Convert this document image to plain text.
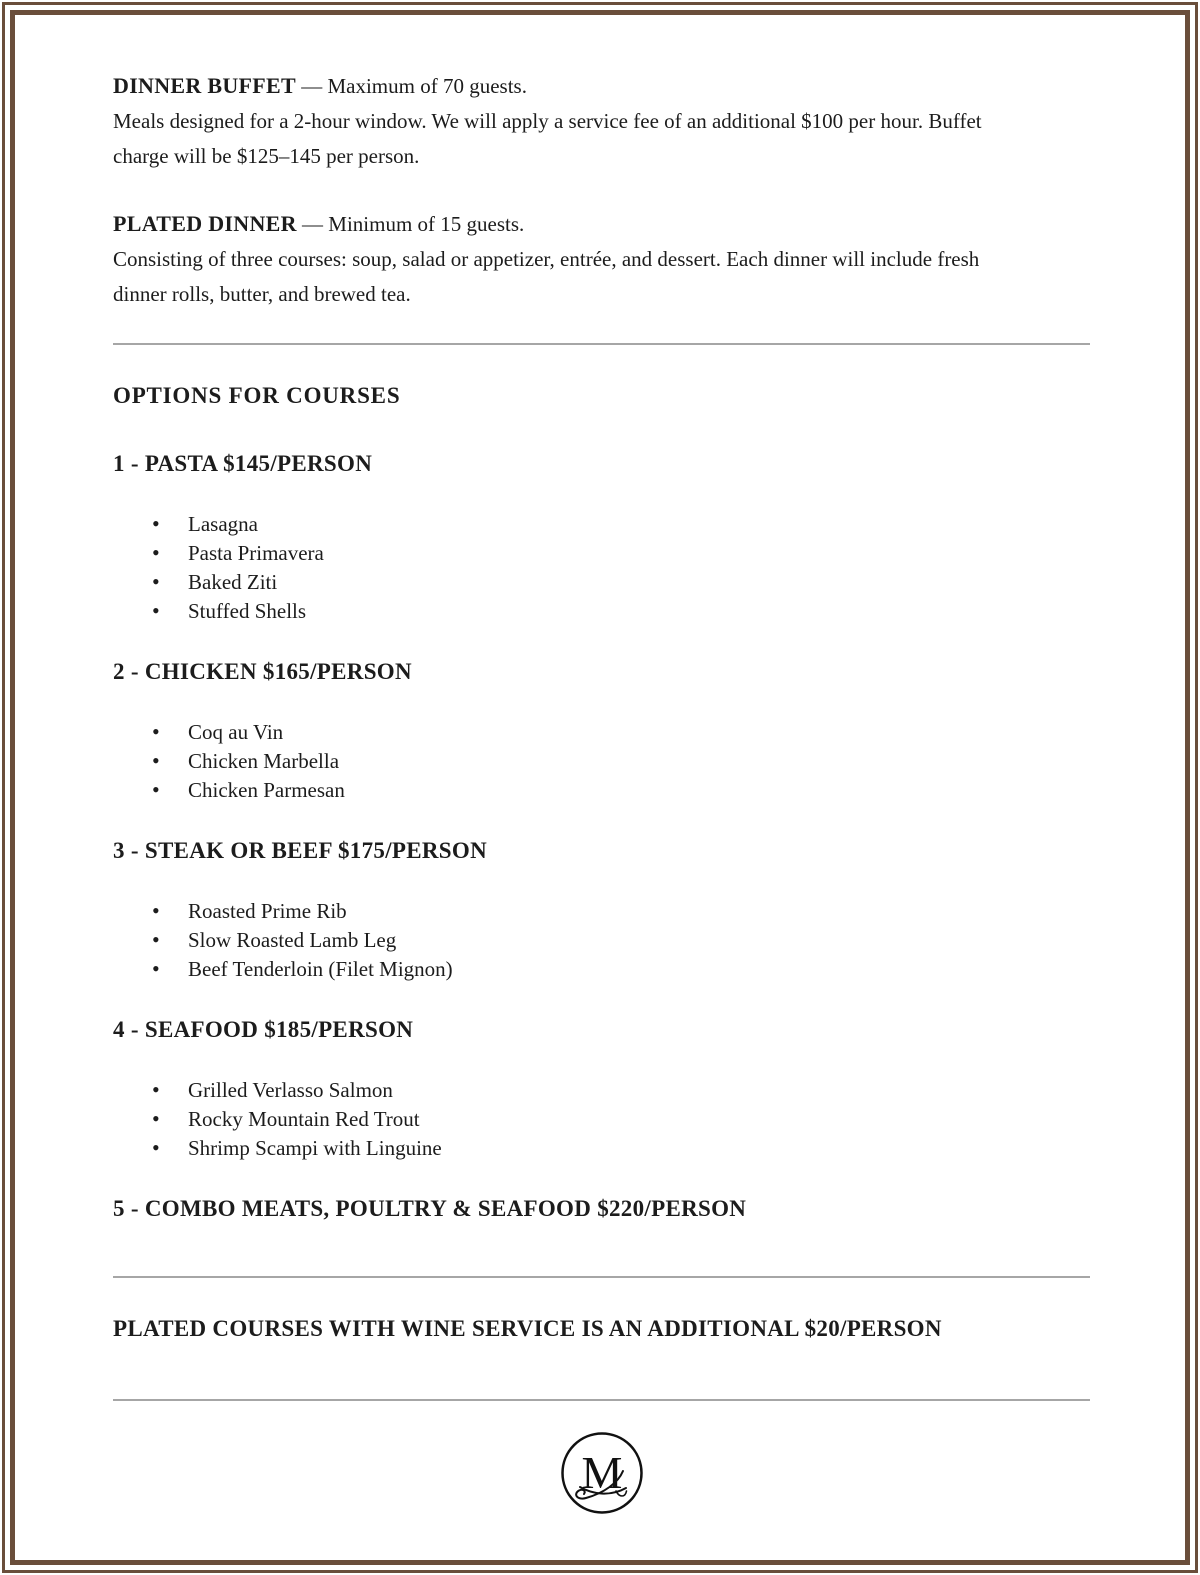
DINNER BUFFET — Maximum of 70 guests.
Meals designed for a 2-hour window. We will apply a service fee of an additional $100 per hour. Buffet charge will be $125–145 per person.
PLATED DINNER — Minimum of 15 guests.
Consisting of three courses: soup, salad or appetizer, entrée, and dessert. Each dinner will include fresh dinner rolls, butter, and brewed tea.
OPTIONS FOR COURSES
1 - PASTA $145/PERSON
• Lasagna
• Pasta Primavera
• Baked Ziti
• Stuffed Shells
2 - CHICKEN $165/PERSON
• Coq au Vin
• Chicken Marbella
• Chicken Parmesan
3 - STEAK OR BEEF $175/PERSON
• Roasted Prime Rib
• Slow Roasted Lamb Leg
• Beef Tenderloin (Filet Mignon)
4 - SEAFOOD $185/PERSON
• Grilled Verlasso Salmon
• Rocky Mountain Red Trout
• Shrimp Scampi with Linguine
5 - COMBO MEATS, POULTRY & SEAFOOD $220/PERSON
PLATED COURSES WITH WINE SERVICE IS AN ADDITIONAL $20/PERSON
M
